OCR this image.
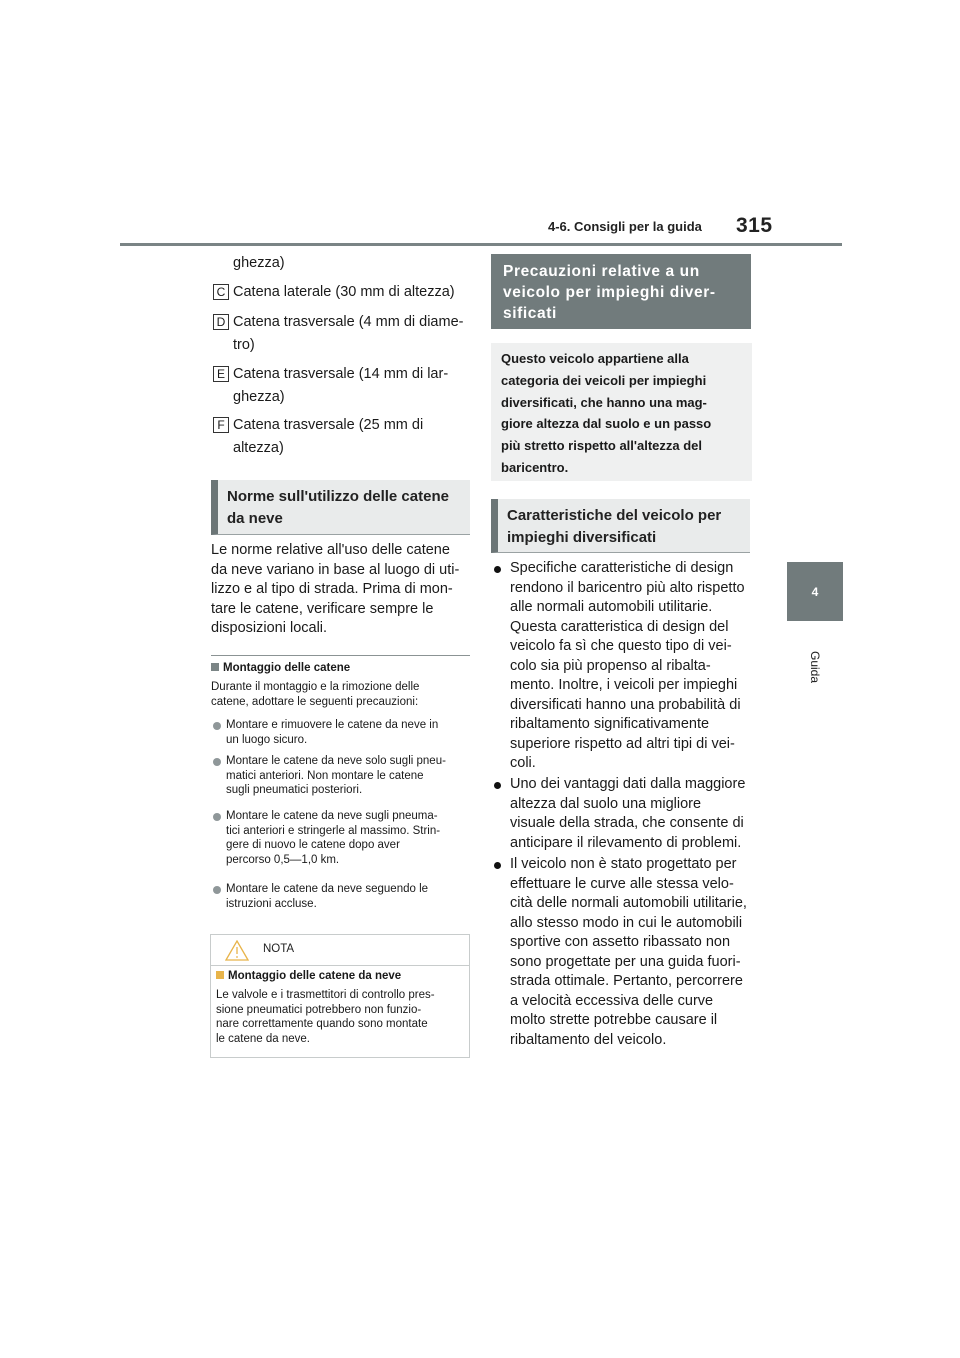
4-6. Consigli per la guida 315
4
Guida
ghezza)
C Catena laterale (30 mm di altezza)
D Catena trasversale (4 mm di diame-
tro)
E Catena trasversale (14 mm di lar-
ghezza)
F Catena trasversale (25 mm di
altezza)
Norme sull'utilizzo delle catene
da neve
Le norme relative all'uso delle catene
da neve variano in base al luogo di uti-
lizzo e al tipo di strada. Prima di mon-
tare le catene, verificare sempre le
disposizioni locali.
Montaggio delle catene
Durante il montaggio e la rimozione delle
catene, adottare le seguenti precauzioni:
Montare e rimuovere le catene da neve in
un luogo sicuro.
Montare le catene da neve solo sugli pneu-
matici anteriori. Non montare le catene
sugli pneumatici posteriori.
Montare le catene da neve sugli pneuma-
tici anteriori e stringerle al massimo. Strin-
gere di nuovo le catene dopo aver
percorso 0,5—1,0 km.
Montare le catene da neve seguendo le
istruzioni accluse.
NOTA
Montaggio delle catene da neve
Le valvole e i trasmettitori di controllo pres-
sione pneumatici potrebbero non funzio-
nare correttamente quando sono montate
le catene da neve.
Precauzioni relative a un
veicolo per impieghi diver-
sificati
Questo veicolo appartiene alla
categoria dei veicoli per impieghi
diversificati, che hanno una mag-
giore altezza dal suolo e un passo
più stretto rispetto all'altezza del
baricentro.
Caratteristiche del veicolo per
impieghi diversificati
Specifiche caratteristiche di design
rendono il baricentro più alto rispetto
alle normali automobili utilitarie.
Questa caratteristica di design del
veicolo fa sì che questo tipo di vei-
colo sia più propenso al ribalta-
mento. Inoltre, i veicoli per impieghi
diversificati hanno una probabilità di
ribaltamento significativamente
superiore rispetto ad altri tipi di vei-
coli.
Uno dei vantaggi dati dalla maggiore
altezza dal suolo una migliore
visuale della strada, che consente di
anticipare il rilevamento di problemi.
Il veicolo non è stato progettato per
effettuare le curve alle stessa velo-
cità delle normali automobili utilitarie,
allo stesso modo in cui le automobili
sportive con assetto ribassato non
sono progettate per una guida fuori-
strada ottimale. Pertanto, percorrere
a velocità eccessiva delle curve
molto strette potrebbe causare il
ribaltamento del veicolo.
